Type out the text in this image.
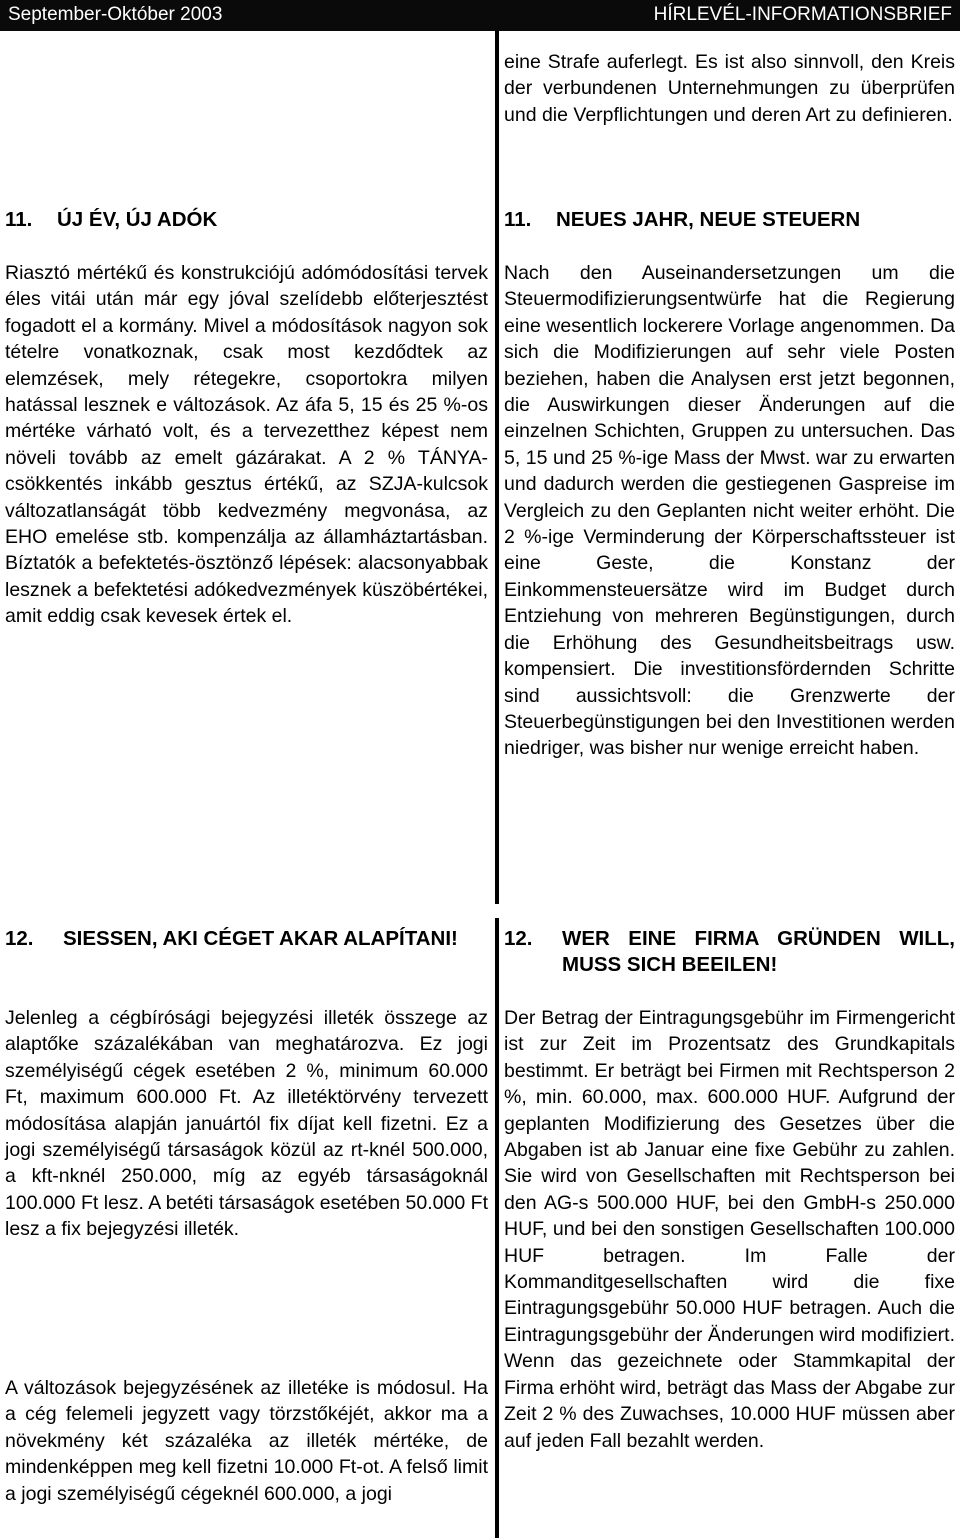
September-Október 2003	HÍRLEVÉL-INFORMATIONSBRIEF

eine Strafe auferlegt. Es ist also sinnvoll, den Kreis der verbundenen Unternehmungen zu überprüfen und die Verpflichtungen und deren Art zu definieren.

11.	ÚJ ÉV, ÚJ ADÓK

Riasztó mértékű és konstrukciójú adómódosítási tervek éles vitái után már egy jóval szelídebb előterjesztést fogadott el a kormány. Mivel a módosítások nagyon sok tételre vonatkoznak, csak most kezdődtek az elemzések, mely rétegekre, csoportokra milyen hatással lesznek e változások. Az áfa 5, 15 és 25 %-os mértéke várható volt, és a tervezetthez képest nem növeli tovább az emelt gázárakat. A 2 % TÁNYA-csökkentés inkább gesztus értékű, az SZJA-kulcsok változatlanságát több kedvezmény megvonása, az EHO emelése stb. kompenzálja az államháztartásban. Bíztatók a befektetés-ösztönző lépések: alacsonyabbak lesznek a befektetési adókedvezmények küszöbértékei, amit eddig csak kevesek értek el.

11.	NEUES JAHR, NEUE STEUERN

Nach den Auseinandersetzungen um die Steuermodifizierungsentwürfe hat die Regierung eine wesentlich lockerere Vorlage angenommen. Da sich die Modifizierungen auf sehr viele Posten beziehen, haben die Analysen erst jetzt begonnen, die Auswirkungen dieser Änderungen auf die einzelnen Schichten, Gruppen zu untersuchen. Das 5, 15 und 25 %-ige Mass der Mwst. war zu erwarten und dadurch werden die gestiegenen Gaspreise im Vergleich zu den Geplanten nicht weiter erhöht. Die 2 %-ige Verminderung der Körperschaftssteuer ist eine Geste, die Konstanz der Einkommensteuersätze wird im Budget durch Entziehung von mehreren Begünstigungen, durch die Erhöhung des Gesundheitsbeitrags usw. kompensiert. Die investitionsfördernden Schritte sind aussichtsvoll: die Grenzwerte der Steuerbegünstigungen bei den Investitionen werden niedriger, was bisher nur wenige erreicht haben.

12.	SIESSEN, AKI CÉGET AKAR ALAPÍTANI!

Jelenleg a cégbírósági bejegyzési illeték összege az alaptőke százalékában van meghatározva. Ez jogi személyiségű cégek esetében 2 %, minimum 60.000 Ft, maximum 600.000 Ft. Az illetéktörvény tervezett módosítása alapján januártól fix díjat kell fizetni. Ez a jogi személyiségű társaságok közül az rt-knél 500.000, a kft-nknél 250.000, míg az egyéb társaságoknál 100.000 Ft lesz. A betéti társaságok esetében 50.000 Ft lesz a fix bejegyzési illeték.

A változások bejegyzésének az illetéke is módosul. Ha a cég felemeli jegyzett vagy törzstőkéjét, akkor ma a növekmény két százaléka az illeték mértéke, de mindenképpen meg kell fizetni 10.000 Ft-ot. A felső limit a jogi személyiségű cégeknél 600.000, a jogi

12.	WER EINE FIRMA GRÜNDEN WILL, MUSS SICH BEEILEN!

Der Betrag der Eintragungsgebühr im Firmengericht ist zur Zeit im Prozentsatz des Grundkapitals bestimmt. Er beträgt bei Firmen mit Rechtsperson 2 %, min. 60.000, max. 600.000 HUF. Aufgrund der geplanten Modifizierung des Gesetzes über die Abgaben ist ab Januar eine fixe Gebühr zu zahlen. Sie wird von Gesellschaften mit Rechtsperson bei den AG-s 500.000 HUF, bei den GmbH-s 250.000 HUF, und bei den sonstigen Gesellschaften 100.000 HUF betragen. Im Falle der Kommanditgesellschaften wird die fixe Eintragungsgebühr 50.000 HUF betragen. Auch die Eintragungsgebühr der Änderungen wird modifiziert. Wenn das gezeichnete oder Stammkapital der Firma erhöht wird, beträgt das Mass der Abgabe zur Zeit 2 % des Zuwachses, 10.000 HUF müssen aber auf jeden Fall bezahlt werden.
